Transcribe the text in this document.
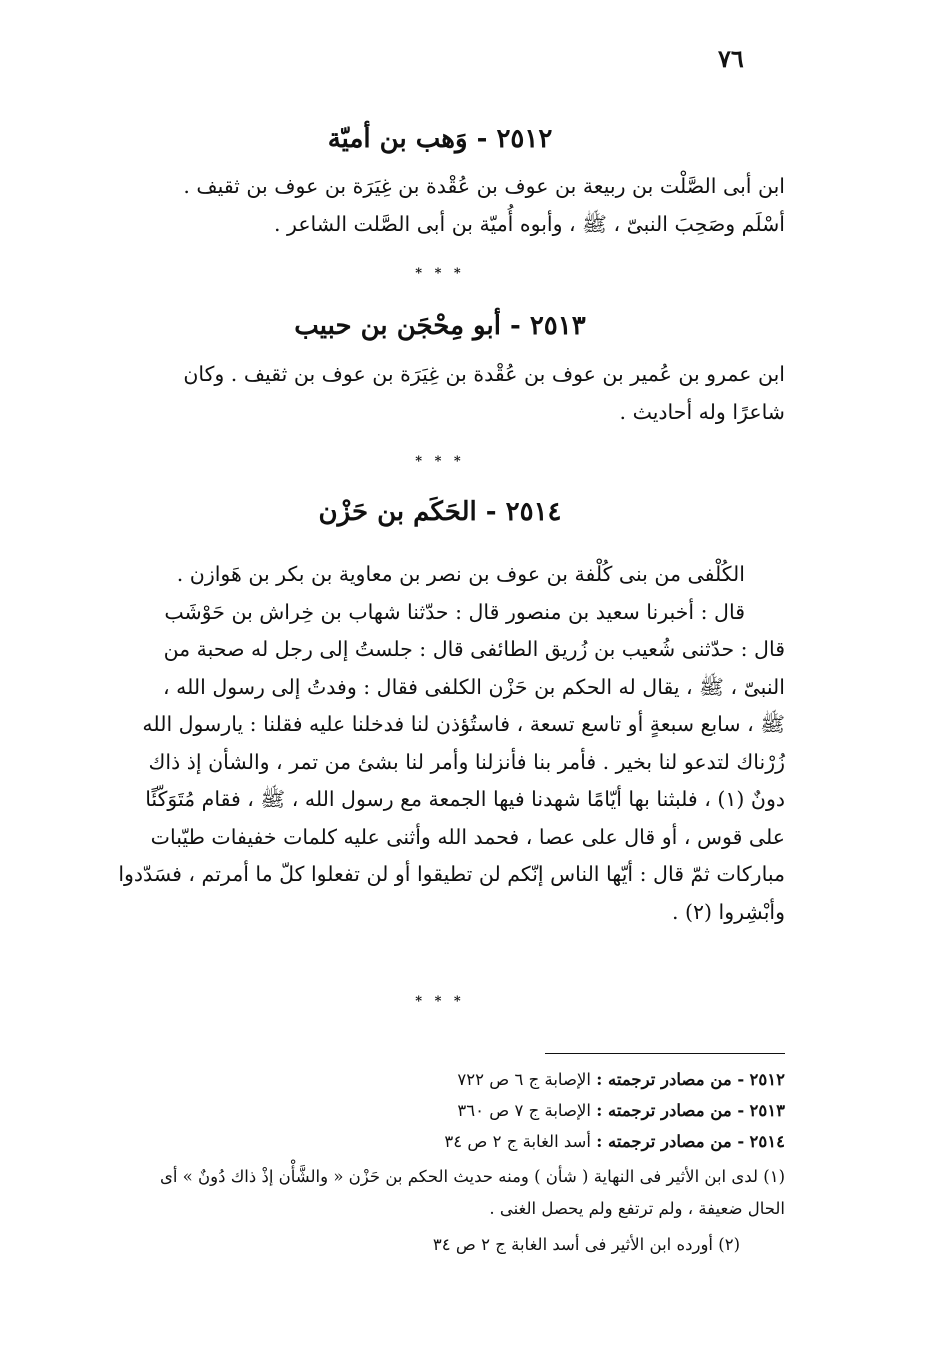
٧٦
٢٥١٢ - وَهب بن أميّة
ابن أبى الصَّلْت بن ربيعة بن عوف بن عُقْدة بن غِيَرَة بن عوف بن ثقيف .
أسْلَم وصَحِبَ النبىّ ، ﷺ ، وأبوه أُميّة بن أبى الصَّلت الشاعر .
* * *
٢٥١٣ - أبو مِحْجَن بن حبيب
ابن عمرو بن عُمير بن عوف بن عُقْدة بن غِيَرَة بن عوف بن ثقيف . وكان
شاعرًا وله أحاديث .
* * *
٢٥١٤ - الحَكَم بن حَزْن
الكُلْفى من بنى كُلْفة بن عوف بن نصر بن معاوية بن بكر بن هَوازن .
قال : أخبرنا سعيد بن منصور قال : حدّثنا شهاب بن خِراش بن حَوْشَب
قال : حدّثنى شُعيب بن زُريق الطائفى قال : جلستُ إلى رجل له صحبة من
النبىّ ، ﷺ ، يقال له الحكم بن حَزْن الكلفى فقال : وفدتُ إلى رسول الله ،
ﷺ ، سابع سبعةٍ أو تاسع تسعة ، فاستُؤذن لنا فدخلنا عليه فقلنا : يارسول الله
زُرْناك لتدعو لنا بخير . فأمر بنا فأنزلنا وأمر لنا بشئ من تمر ، والشأن إذ ذاك
دونٌ (١) ، فلبثنا بها أيّامًا شهدنا فيها الجمعة مع رسول الله ، ﷺ ، فقام مُتَوَكّئًا
على قوس ، أو قال على عصا ، فحمد الله وأثنى عليه كلمات خفيفات طيّبات
مباركات ثمّ قال : أيّها الناس إنّكم لن تطيقوا أو لن تفعلوا كلّ ما أمرتم ، فسَدّدوا
وأبْشِروا (٢) .
* * *
٢٥١٢ - من مصادر ترجمته : الإصابة ج ٦ ص ٧٢٢
٢٥١٣ - من مصادر ترجمته : الإصابة ج ٧ ص ٣٦٠
٢٥١٤ - من مصادر ترجمته : أسد الغابة ج ٢ ص ٣٤
(١) لدى ابن الأثير فى النهاية ( شأن ) ومنه حديث الحكم بن حَزْن « والشَّأْن إذْ ذاك دُونٌ » أى
الحال ضعيفة ، ولم ترتفع ولم يحصل الغنى .
(٢) أورده ابن الأثير فى أسد الغابة ج ٢ ص ٣٤
